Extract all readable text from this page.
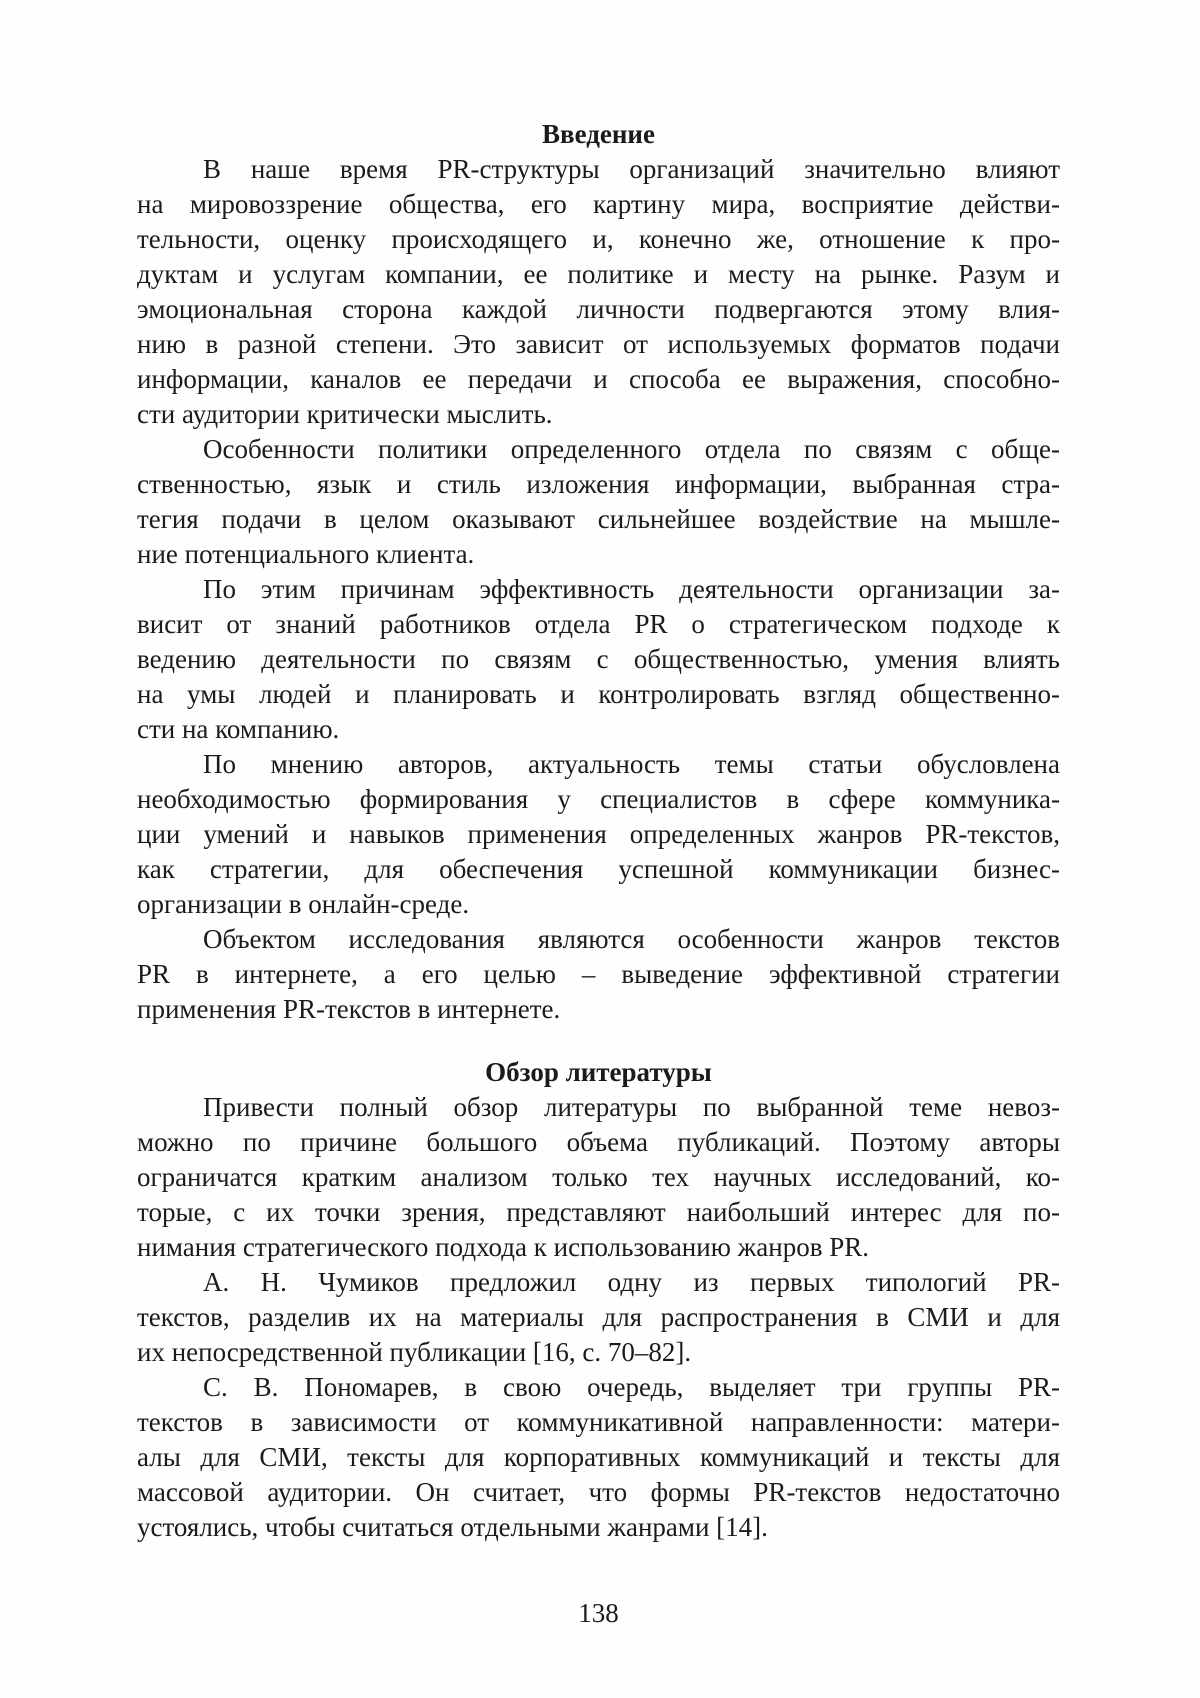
Введение
В наше время PR-структуры организаций значительно влияют
на мировоззрение общества, его картину мира, восприятие действи-
тельности, оценку происходящего и, конечно же, отношение к про-
дуктам и услугам компании, ее политике и месту на рынке. Разум и
эмоциональная сторона каждой личности подвергаются этому влия-
нию в разной степени. Это зависит от используемых форматов подачи
информации, каналов ее передачи и способа ее выражения, способно-
сти аудитории критически мыслить.
Особенности политики определенного отдела по связям с обще-
ственностью, язык и стиль изложения информации, выбранная стра-
тегия подачи в целом оказывают сильнейшее воздействие на мышле-
ние потенциального клиента.
По этим причинам эффективность деятельности организации за-
висит от знаний работников отдела PR о стратегическом подходе к
ведению деятельности по связям с общественностью, умения влиять
на умы людей и планировать и контролировать взгляд общественно-
сти на компанию.
По мнению авторов, актуальность темы статьи обусловлена
необходимостью формирования у специалистов в сфере коммуника-
ции умений и навыков применения определенных жанров PR-текстов,
как стратегии, для обеспечения успешной коммуникации бизнес-
организации в онлайн-среде.
Объектом исследования являются особенности жанров текстов
PR в интернете, а его целью – выведение эффективной стратегии
применения PR-текстов в интернете.
Обзор литературы
Привести полный обзор литературы по выбранной теме невоз-
можно по причине большого объема публикаций. Поэтому авторы
ограничатся кратким анализом только тех научных исследований, ко-
торые, с их точки зрения, представляют наибольший интерес для по-
нимания стратегического подхода к использованию жанров PR.
А. Н. Чумиков предложил одну из первых типологий PR-
текстов, разделив их на материалы для распространения в СМИ и для
их непосредственной публикации [16, с. 70–82].
С. В. Пономарев, в свою очередь, выделяет три группы PR-
текстов в зависимости от коммуникативной направленности: матери-
алы для СМИ, тексты для корпоративных коммуникаций и тексты для
массовой аудитории. Он считает, что формы PR-текстов недостаточно
устоялись, чтобы считаться отдельными жанрами [14].
138
